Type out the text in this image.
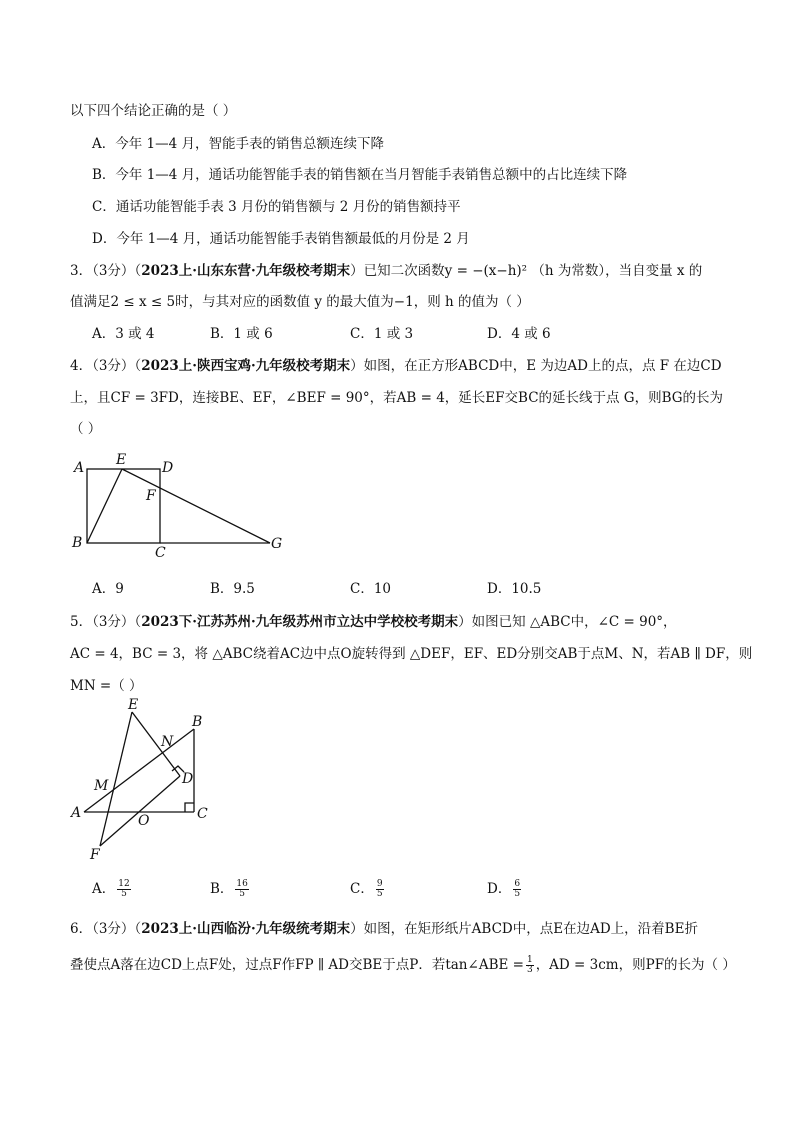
以下四个结论正确的是（ ）
A．今年 1—4 月，智能手表的销售总额连续下降
B．今年 1—4 月，通话功能智能手表的销售额在当月智能手表销售总额中的占比连续下降
C．通话功能智能手表 3 月份的销售额与 2 月份的销售额持平
D．今年 1—4 月，通话功能智能手表销售额最低的月份是 2 月
3．（3分）（2023上·山东东营·九年级校考期末）已知二次函数y = −(x−h)² （h 为常数），当自变量 x 的
值满足2 ≤ x ≤ 5时，与其对应的函数值 y 的最大值为−1，则 h 的值为（ ）
A．3 或 4	B．1 或 6	C．1 或 3	D．4 或 6
4．（3分）（2023上·陕西宝鸡·九年级校考期末）如图，在正方形ABCD中，E 为边AD上的点，点 F 在边CD
上，且CF = 3FD，连接BE、EF，∠BEF = 90°，若AB = 4，延长EF交BC的延长线于点 G，则BG的长为
（ ）
A E	D
F
B
C
G
A．9	B．9.5	C．10	D．10.5
5．（3分）（2023下·江苏苏州·九年级苏州市立达中学校校考期末）如图已知 △ABC中，∠C = 90°，
AC = 4，BC = 3，将 △ABC绕着AC边中点O旋转得到 △DEF，EF、ED分别交AB于点M、N，若AB ∥ DF，则
MN =（ ）
E
B
N
D
M
A	O	C
F
A． $\frac{12}{5}$	B． $\frac{16}{5}$	C． $\frac{9}{5}$	D． $\frac{6}{5}$
6．（3分）（2023上·山西临汾·九年级统考期末）如图，在矩形纸片ABCD中，点E在边AD上，沿着BE折
叠使点A落在边CD上点F处，过点F作FP ∥ AD交BE于点P．若tan∠ABE = $\frac{1}{3}$ ，AD = 3cm，则PF的长为（ ）
